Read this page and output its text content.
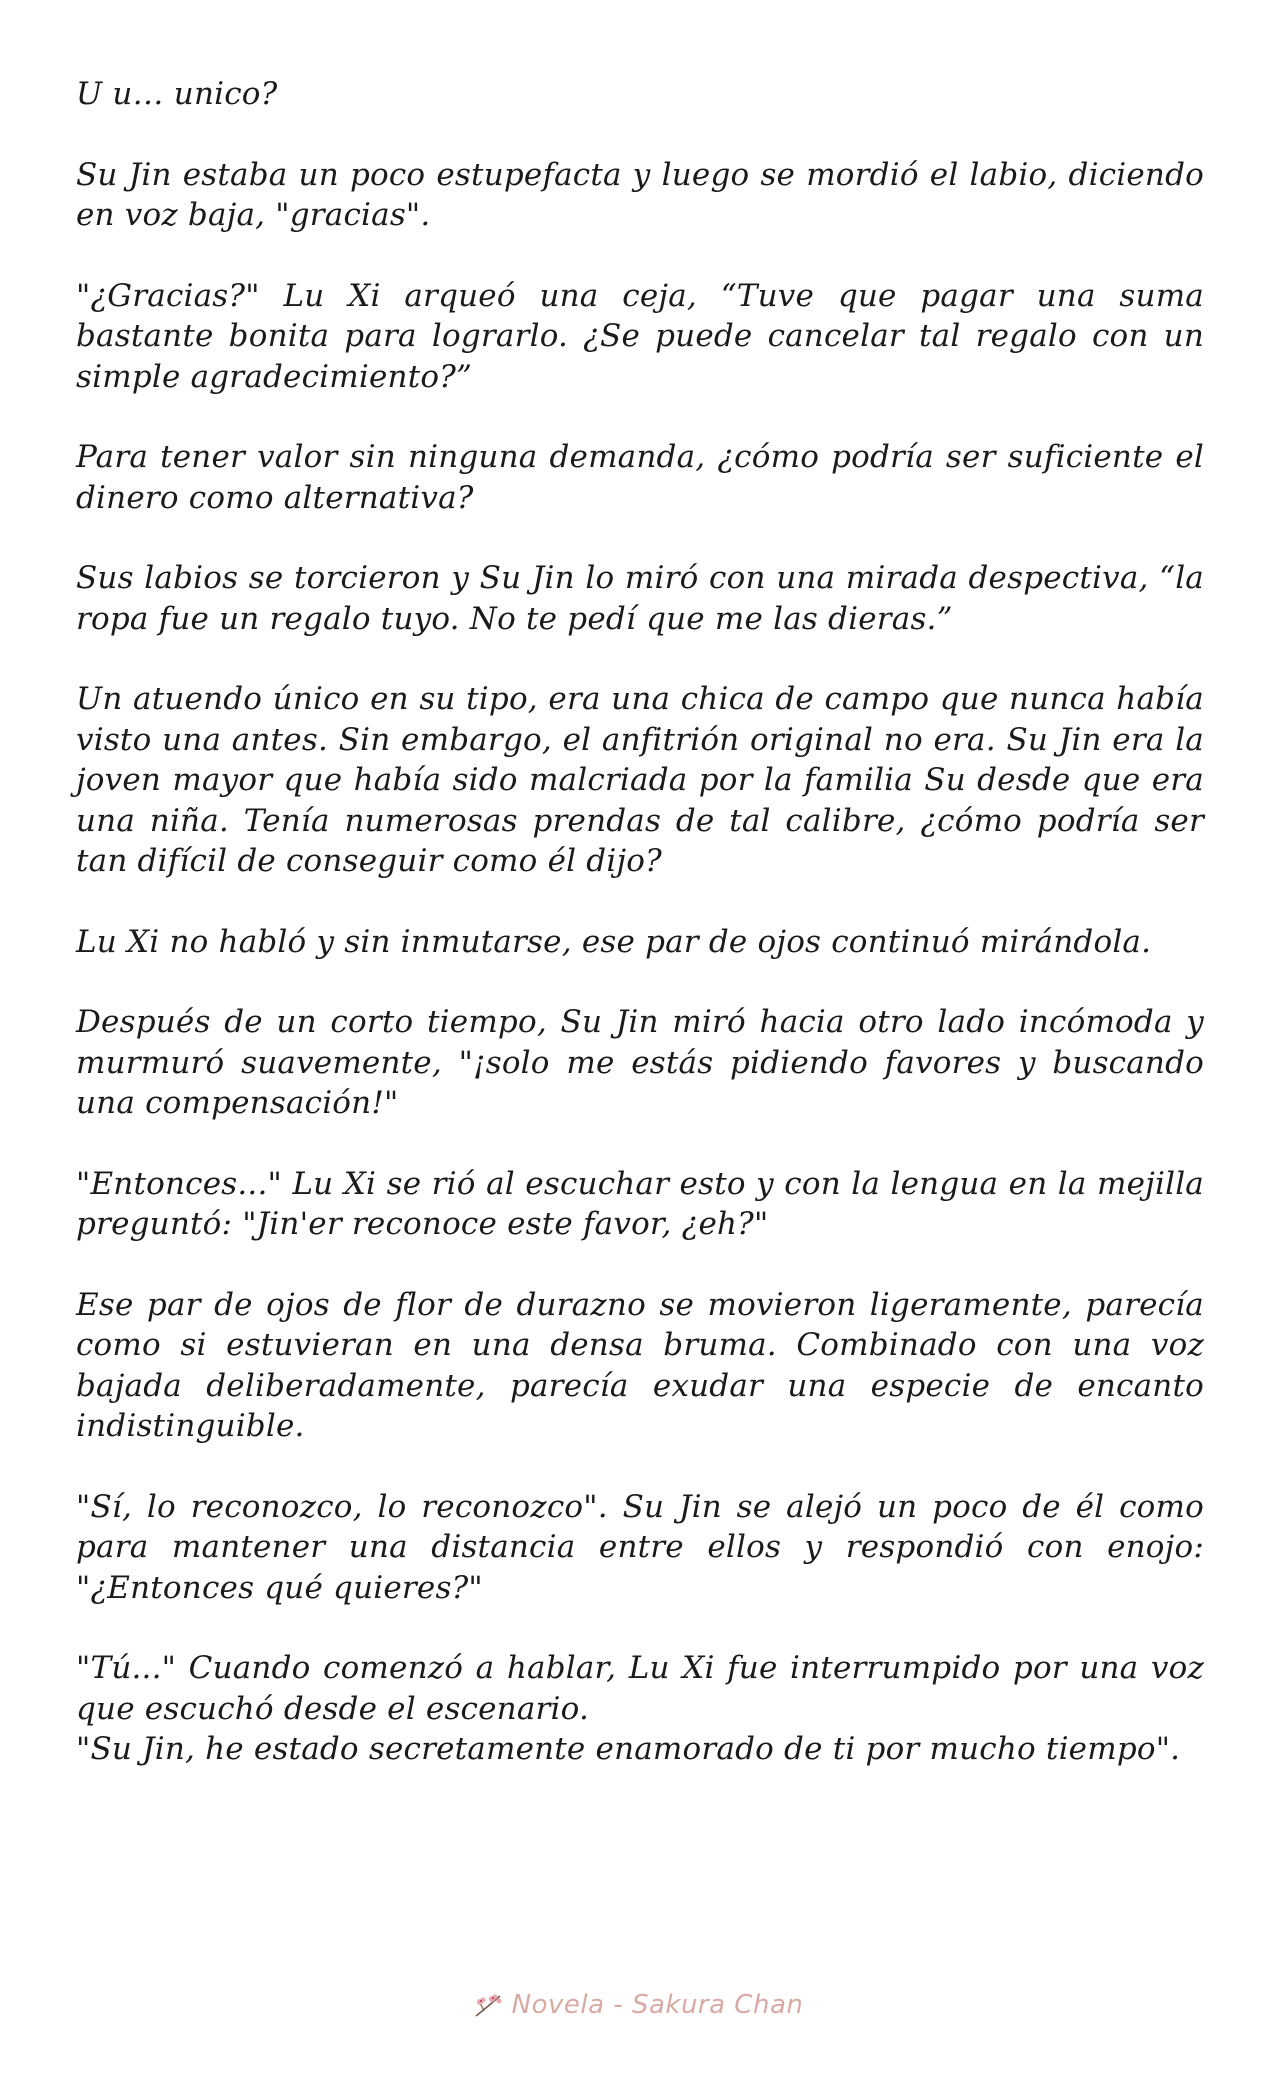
U u… unico?

Su Jin estaba un poco estupefacta y luego se mordió el labio, diciendo en voz baja, "gracias".

"¿Gracias?" Lu Xi arqueó una ceja, “Tuve que pagar una suma bastante bonita para lograrlo. ¿Se puede cancelar tal regalo con un simple agradecimiento?”

Para tener valor sin ninguna demanda, ¿cómo podría ser suficiente el dinero como alternativa?

Sus labios se torcieron y Su Jin lo miró con una mirada despectiva, “la ropa fue un regalo tuyo. No te pedí que me las dieras.”

Un atuendo único en su tipo, era una chica de campo que nunca había visto una antes. Sin embargo, el anfitrión original no era. Su Jin era la joven mayor que había sido malcriada por la familia Su desde que era una niña. Tenía numerosas prendas de tal calibre, ¿cómo podría ser tan difícil de conseguir como él dijo?

Lu Xi no habló y sin inmutarse, ese par de ojos continuó mirándola.

Después de un corto tiempo, Su Jin miró hacia otro lado incómoda y murmuró suavemente, "¡solo me estás pidiendo favores y buscando una compensación!"

"Entonces..." Lu Xi se rió al escuchar esto y con la lengua en la mejilla preguntó: "Jin'er reconoce este favor, ¿eh?"

Ese par de ojos de flor de durazno se movieron ligeramente, parecía como si estuvieran en una densa bruma. Combinado con una voz bajada deliberadamente, parecía exudar una especie de encanto indistinguible.

"Sí, lo reconozco, lo reconozco". Su Jin se alejó un poco de él como para mantener una distancia entre ellos y respondió con enojo: "¿Entonces qué quieres?"

"Tú..." Cuando comenzó a hablar, Lu Xi fue interrumpido por una voz que escuchó desde el escenario.

"Su Jin, he estado secretamente enamorado de ti por mucho tiempo".

Novela - Sakura Chan
